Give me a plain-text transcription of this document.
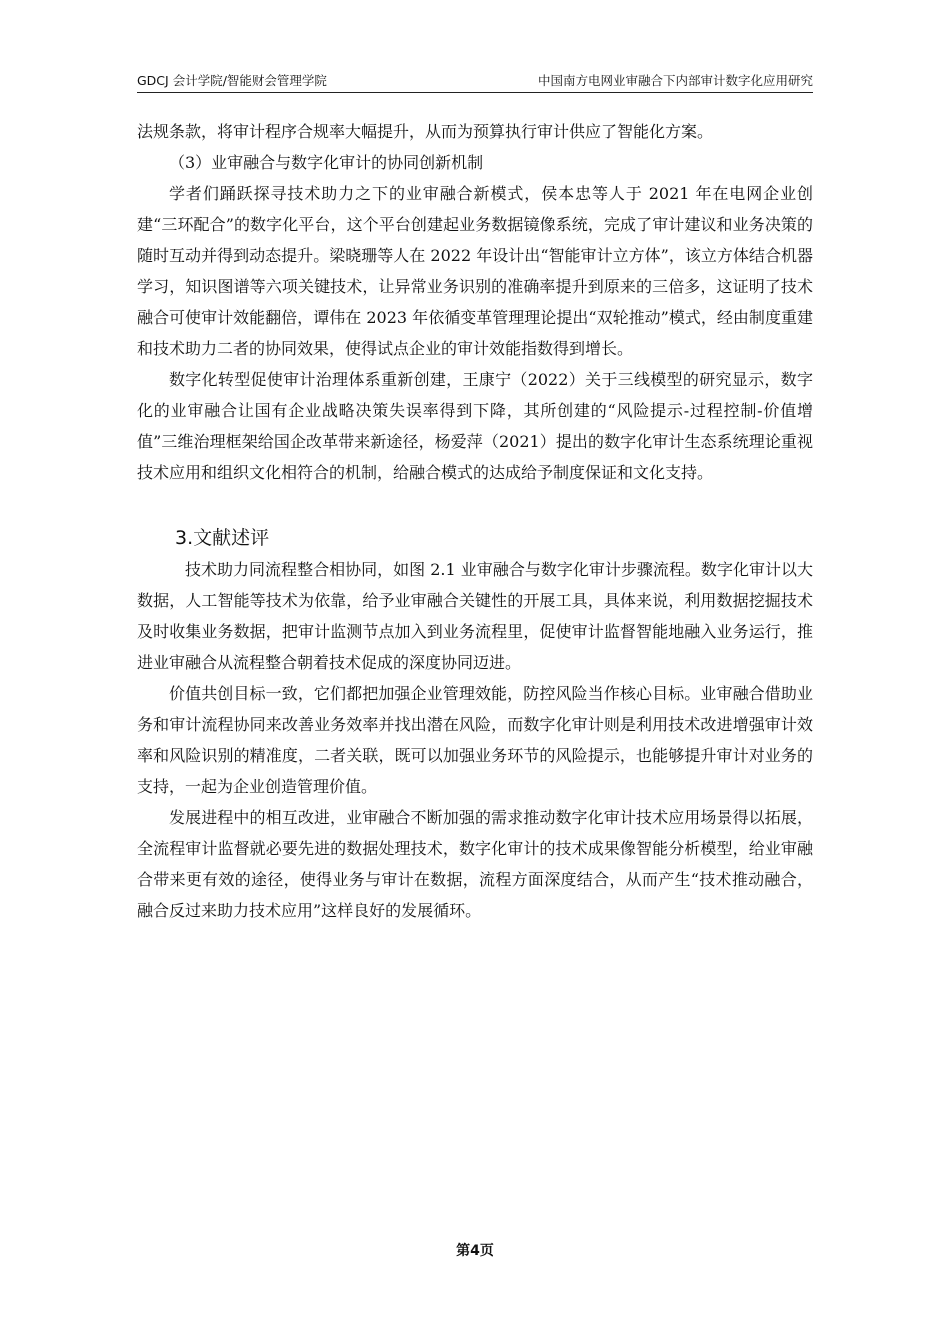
GDCJ 会计学院/智能财会管理学院	中国南方电网业审融合下内部审计数字化应用研究

法规条款，将审计程序合规率大幅提升，从而为预算执行审计供应了智能化方案。

（3）业审融合与数字化审计的协同创新机制

学者们踊跃探寻技术助力之下的业审融合新模式，侯本忠等人于 2021 年在电网企业创建“三环配合”的数字化平台，这个平台创建起业务数据镜像系统，完成了审计建议和业务决策的随时互动并得到动态提升。梁晓珊等人在 2022 年设计出“智能审计立方体”，该立方体结合机器学习，知识图谱等六项关键技术，让异常业务识别的准确率提升到原来的三倍多，这证明了技术融合可使审计效能翻倍，谭伟在 2023 年依循变革管理理论提出“双轮推动”模式，经由制度重建和技术助力二者的协同效果，使得试点企业的审计效能指数得到增长。

数字化转型促使审计治理体系重新创建，王康宁（2022）关于三线模型的研究显示，数字化的业审融合让国有企业战略决策失误率得到下降，其所创建的“风险提示-过程控制-价值增值”三维治理框架给国企改革带来新途径，杨爱萍（2021）提出的数字化审计生态系统理论重视技术应用和组织文化相符合的机制，给融合模式的达成给予制度保证和文化支持。

3.文献述评

技术助力同流程整合相协同，如图 2.1 业审融合与数字化审计步骤流程。数字化审计以大数据，人工智能等技术为依靠，给予业审融合关键性的开展工具，具体来说，利用数据挖掘技术及时收集业务数据，把审计监测节点加入到业务流程里，促使审计监督智能地融入业务运行，推进业审融合从流程整合朝着技术促成的深度协同迈进。

价值共创目标一致，它们都把加强企业管理效能，防控风险当作核心目标。业审融合借助业务和审计流程协同来改善业务效率并找出潜在风险，而数字化审计则是利用技术改进增强审计效率和风险识别的精准度，二者关联，既可以加强业务环节的风险提示，也能够提升审计对业务的支持，一起为企业创造管理价值。

发展进程中的相互改进，业审融合不断加强的需求推动数字化审计技术应用场景得以拓展，全流程审计监督就必要先进的数据处理技术，数字化审计的技术成果像智能分析模型，给业审融合带来更有效的途径，使得业务与审计在数据，流程方面深度结合，从而产生“技术推动融合，融合反过来助力技术应用”这样良好的发展循环。

第4页
